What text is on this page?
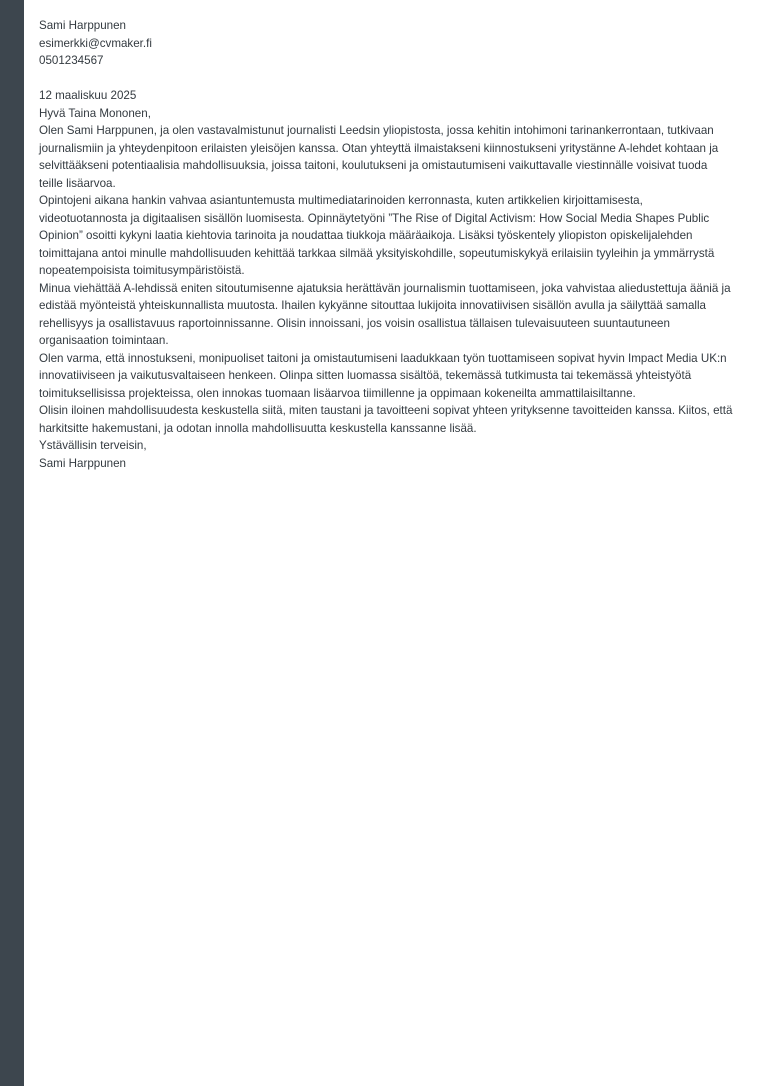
Sami Harppunen

esimerkki@cvmaker.fi

0501234567

12 maaliskuu 2025

Hyvä Taina Mononen,

Olen Sami Harppunen, ja olen vastavalmistunut journalisti Leedsin yliopistosta, jossa kehitin intohimoni tarinankerrontaan, tutkivaan journalismiin ja yhteydenpitoon erilaisten yleisöjen kanssa. Otan yhteyttä ilmaistakseni kiinnostukseni yritystänne A-lehdet kohtaan ja selvittääkseni potentiaalisia mahdollisuuksia, joissa taitoni, koulutukseni ja omistautumiseni vaikuttavalle viestinnälle voisivat tuoda teille lisäarvoa.

Opintojeni aikana hankin vahvaa asiantuntemusta multimediatarinoiden kerronnasta, kuten artikkelien kirjoittamisesta, videotuotannosta ja digitaalisen sisällön luomisesta. Opinnäytetyöni ”The Rise of Digital Activism: How Social Media Shapes Public Opinion” osoitti kykyni laatia kiehtovia tarinoita ja noudattaa tiukkoja määräaikoja. Lisäksi työskentely yliopiston opiskelijalehden toimittajana antoi minulle mahdollisuuden kehittää tarkkaa silmää yksityiskohdille, sopeutumiskykyä erilaisiin tyyleihin ja ymmärrystä nopeatempoisista toimitusympäristöistä.

Minua viehättää A-lehdissä eniten sitoutumisenne ajatuksia herättävän journalismin tuottamiseen, joka vahvistaa aliedustettuja ääniä ja edistää myönteistä yhteiskunnallista muutosta. Ihailen kykyänne sitouttaa lukijoita innovatiivisen sisällön avulla ja säilyttää samalla rehellisyys ja osallistavuus raportoinnissanne. Olisin innoissani, jos voisin osallistua tällaisen tulevaisuuteen suuntautuneen organisaation toimintaan.

Olen varma, että innostukseni, monipuoliset taitoni ja omistautumiseni laadukkaan työn tuottamiseen sopivat hyvin Impact Media UK:n innovatiiviseen ja vaikutusvaltaiseen henkeen. Olinpa sitten luomassa sisältöä, tekemässä tutkimusta tai tekemässä yhteistyötä toimituksellisissa projekteissa, olen innokas tuomaan lisäarvoa tiimillenne ja oppimaan kokeneilta ammattilaisiltanne.

Olisin iloinen mahdollisuudesta keskustella siitä, miten taustani ja tavoitteeni sopivat yhteen yrityksenne tavoitteiden kanssa. Kiitos, että harkitsitte hakemustani, ja odotan innolla mahdollisuutta keskustella kanssanne lisää.

Ystävällisin terveisin,

Sami Harppunen
